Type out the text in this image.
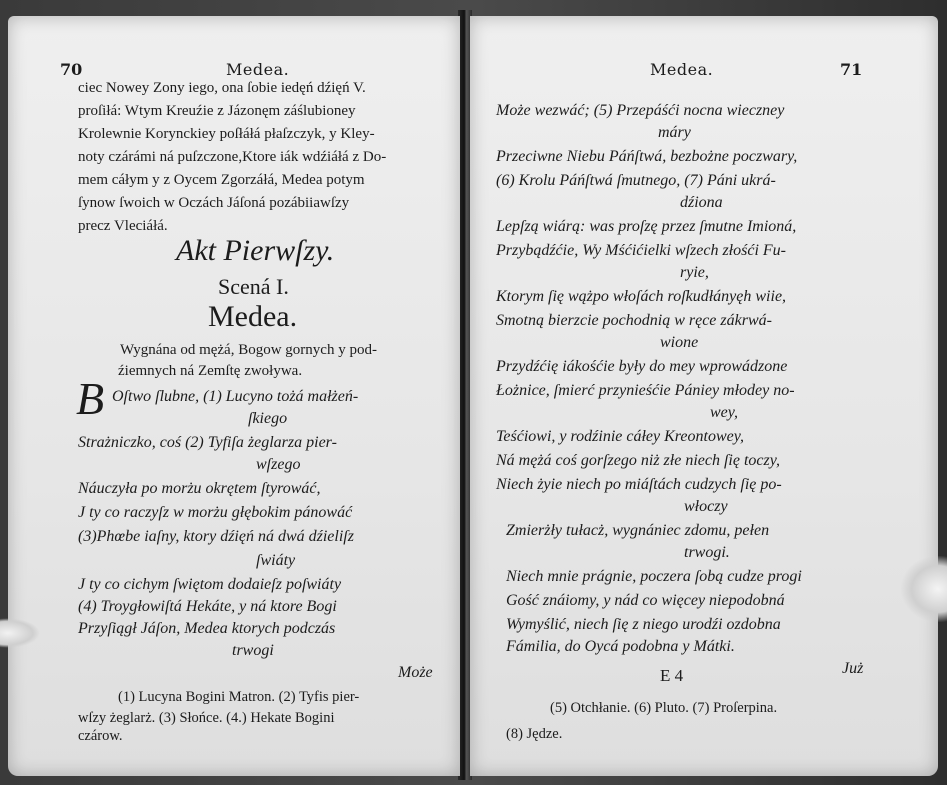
70	Medea.
ciec Nowey Zony iego, ona ſobie iedęń dźięń V.
proſiłá: Wtym Kreuźie z Jázonęm záślubioney
Krolewnie Korynckiey poſłáłá płaſzczyk, y Kley-
noty czárámi ná puſzczone,Ktore iák wdźiáłá z Do-
mem cáłym y z Oycem Zgorzáłá, Medea potym
ſynow ſwoich w Oczách Jáſoná pozábiiawſzy
precz Vleciáłá.
Akt Pierwſzy.
Scená I.
Medea.
Wygnána od mężá, Bogow gornych y pod-
źiemnych ná Zemſtę zwoływa.
B Oſtwo ſlubne, (1) Lucyno tożá małżeń-
ſkiego
Strażniczko, coś (2) Tyfiſa żeglarza pier-
wſzego
Náuczyła po morżu okrętem ſtyrowáć,
J ty co raczyſz w morżu głębokim pánowáć
(3)Phœbe iaſny, ktory dźięń ná dwá dźieliſz
ſwiáty
J ty co cichym ſwiętom dodaieſz poſwiáty
(4) Troygłowiſtá Hekáte, y ná ktore Bogi
Przyſiągł Jáſon, Medea ktorych podczás
trwogi
Może
(1) Lucyna Bogini Matron. (2) Tyfis pier-
wſzy żeglarż. (3) Słońce. (4.) Hekate Bogini
czárow.
Medea.	71
Może wezwáć; (5) Przepáśći nocna wieczney
máry
Przeciwne Niebu Páńſtwá, bezbożne poczwary,
(6) Krolu Páńſtwá ſmutnego, (7) Páni ukrá-
dźiona
Lepſzą wiárą: was proſzę przez ſmutne Imioná,
Przybądźćie, Wy Mśćićielki wſzech złośći Fu-
ryie,
Ktorym ſię wążpo włoſách roſkudłányęh wiie,
Smotną bierzcie pochodnią w ręce zákrwá-
wione
Przydźćię iákośćie były do mey wprowádzone
Łożnice, ſmierć przynieśćie Pániey młodey no-
wey,
Teśćiowi, y rodźinie cáłey Kreontowey,
Ná mężá coś gorſzego niż złe niech ſię toczy,
Niech żyie niech po miáſtách cudzych ſię po-
włoczy
Zmierżły tułacż, wygnániec zdomu, pełen
trwogi.
Niech mnie prágnie, poczera ſobą cudze progi
Gość znáiomy, y nád co więcey niepodobná
Wymyślić, niech ſię z niego urodźi ozdobna
Fámilia, do Oycá podobna y Mátki.
E 4	Już
(5) Otchłanie. (6) Pluto. (7) Proſerpina.
(8) Jędze.
